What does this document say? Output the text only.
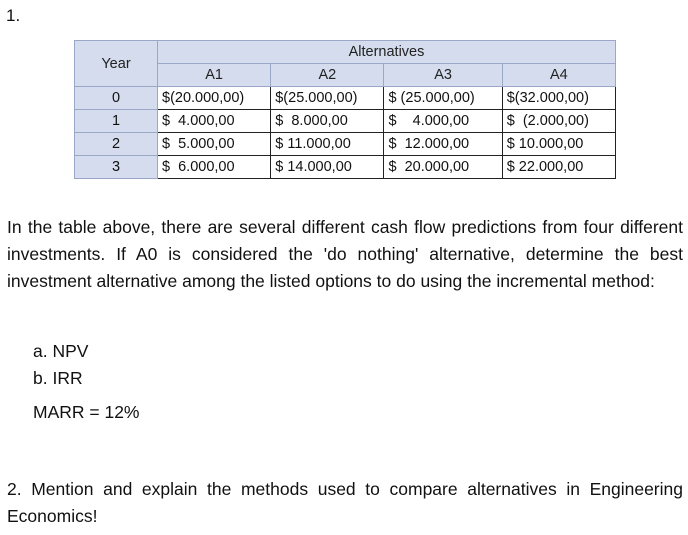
1.
Year	Alternatives			
	A1	A2	A3	A4
0	$(20.000,00)	$(25.000,00)	$ (25.000,00)	$(32.000,00)
1	$  4.000,00	$  8.000,00	$    4.000,00	$  (2.000,00)
2	$  5.000,00	$ 11.000,00	$  12.000,00	$ 10.000,00
3	$  6.000,00	$ 14.000,00	$  20.000,00	$ 22.000,00
In the table above, there are several different cash flow predictions from four different investments. If A0 is considered the 'do nothing' alternative, determine the best investment alternative among the listed options to do using the incremental method:
a. NPV
b. IRR
MARR = 12%
2. Mention and explain the methods used to compare alternatives in Engineering Economics!
